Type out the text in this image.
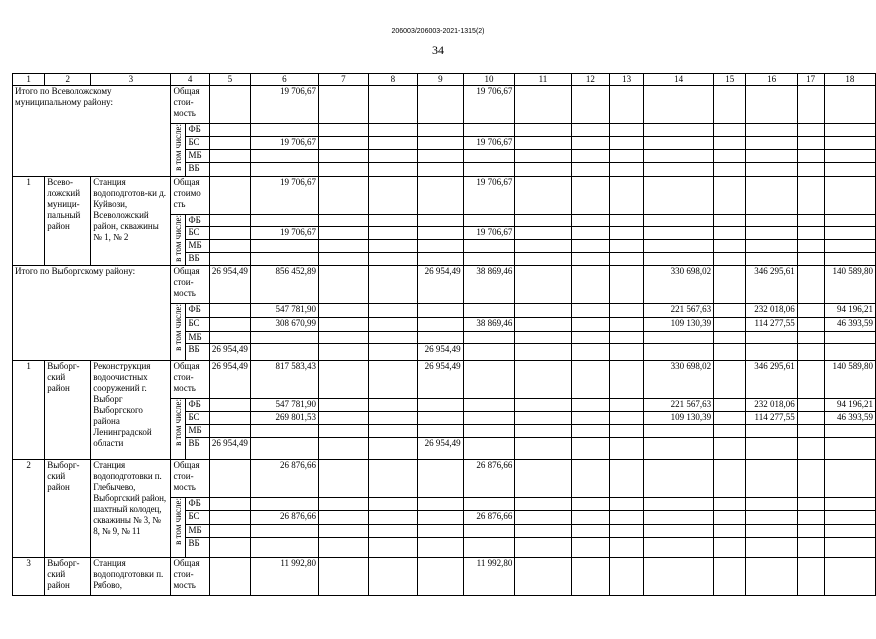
206003/206003-2021-1315(2)
34
1	2	3	4		5	6	7	8	9	10	11	12	13	14	15	16	17	18
Итого по Всеволожскому муниципальному району:			Общая стои-мость			19 706,67				19 706,67								
			в том числе:	ФБ														
				БС		19 706,67				19 706,67								
				МБ														
				ВБ														
1	Всево-ложский муници-пальный район	Станция водоподготов-ки д. Куйвози, Всеволожский район, скважины № 1, № 2	Общая стоимо сть			19 706,67				19 706,67								
			в том числе:	ФБ														
				БС		19 706,67				19 706,67								
				МБ														
				ВБ														
Итого по Выборгскому району:			Общая стои-мость		26 954,49	856 452,89			26 954,49	38 869,46				330 698,02		346 295,61		140 589,80
			в том числе:	ФБ		547 781,90								221 567,63		232 018,06		94 196,21
				БС		308 670,99				38 869,46				109 130,39		114 277,55		46 393,59
				МБ														
				ВБ	26 954,49				26 954,49									
1	Выборг-ский район	Реконструкция водоочистных сооружений г. Выборг Выборгского района Ленинградской области	Общая стои-мость		26 954,49	817 583,43			26 954,49					330 698,02		346 295,61		140 589,80
			в том числе:	ФБ		547 781,90								221 567,63		232 018,06		94 196,21
				БС		269 801,53								109 130,39		114 277,55		46 393,59
				МБ														
				ВБ	26 954,49				26 954,49									
2	Выборг-ский район	Станция водоподготовки п. Глебычево, Выборгский район, шахтный колодец, скважины № 3, № 8, № 9, № 11	Общая стои-мость			26 876,66				26 876,66								
			в том числе:	ФБ														
				БС		26 876,66				26 876,66								
				МБ														
				ВБ														
3	Выборг-ский район	Станция водоподготовки п. Рябово,	Общая стои-мость			11 992,80				11 992,80								
